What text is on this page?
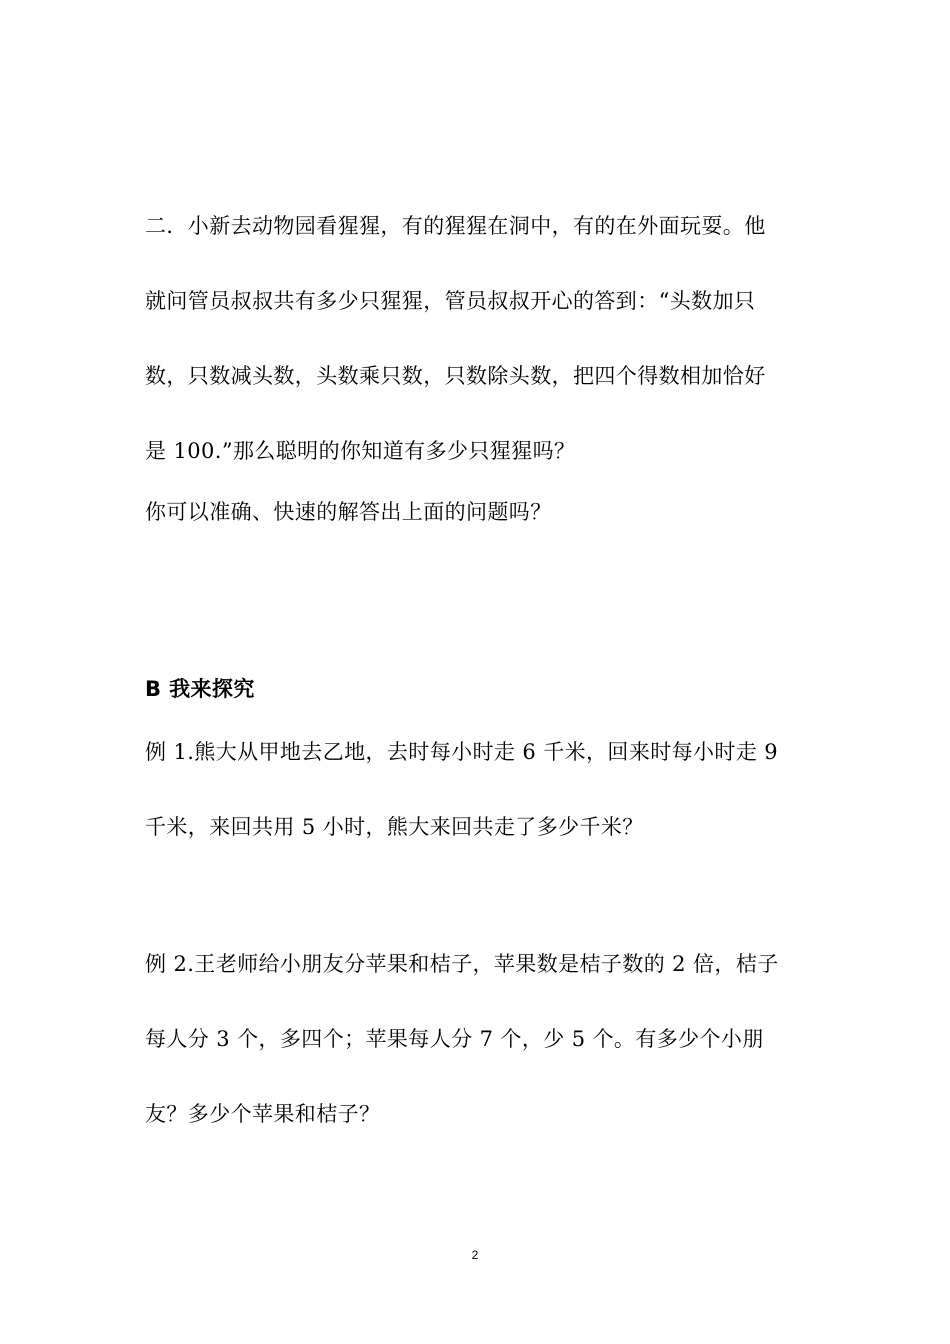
二．小新去动物园看猩猩，有的猩猩在洞中，有的在外面玩耍。他

就问管员叔叔共有多少只猩猩，管员叔叔开心的答到：“头数加只

数，只数减头数，头数乘只数，只数除头数，把四个得数相加恰好

是 100.”那么聪明的你知道有多少只猩猩吗？

你可以准确、快速的解答出上面的问题吗？

B 我来探究

例 1.熊大从甲地去乙地，去时每小时走 6 千米，回来时每小时走 9

千米，来回共用 5 小时，熊大来回共走了多少千米？

例 2.王老师给小朋友分苹果和桔子，苹果数是桔子数的 2 倍，桔子

每人分 3 个，多四个；苹果每人分 7 个，少 5 个。有多少个小朋

友？多少个苹果和桔子？

2
